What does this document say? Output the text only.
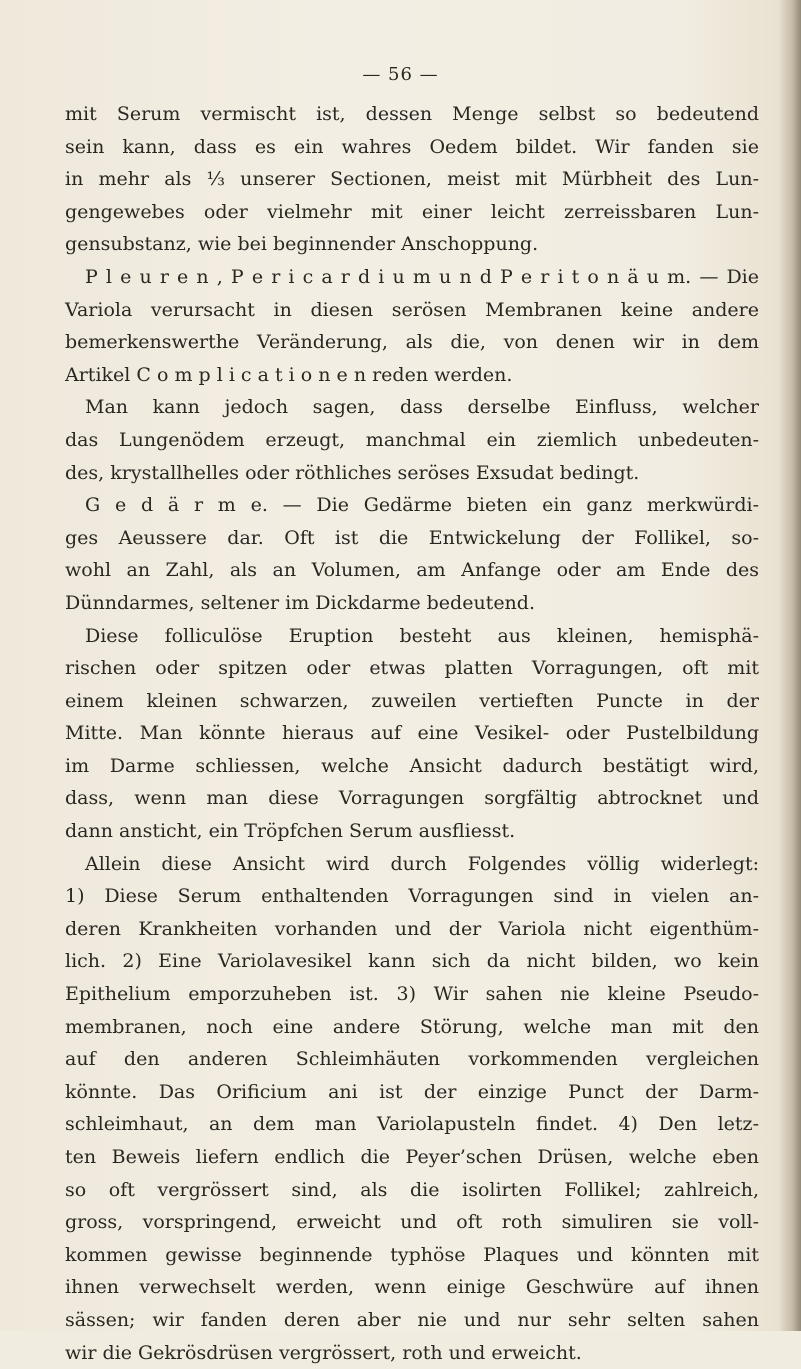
— 56 —
mit Serum vermischt ist, dessen Menge selbst so bedeutend
sein kann, dass es ein wahres Oedem bildet. Wir fanden sie
in mehr als ⅓ unserer Sectionen, meist mit Mürbheit des Lun-
gengewebes oder vielmehr mit einer leicht zerreissbaren Lun-
gensubstanz, wie bei beginnender Anschoppung.
P l e u r e n , P e r i c a r d i u m u n d P e r i t o n ä u m. — Die
Variola verursacht in diesen serösen Membranen keine andere
bemerkenswerthe Veränderung, als die, von denen wir in dem
Artikel C o m p l i c a t i o n e n reden werden.
Man kann jedoch sagen, dass derselbe Einfluss, welcher
das Lungenödem erzeugt, manchmal ein ziemlich unbedeuten-
des, krystallhelles oder röthliches seröses Exsudat bedingt.
G e d ä r m e. — Die Gedärme bieten ein ganz merkwürdi-
ges Aeussere dar. Oft ist die Entwickelung der Follikel, so-
wohl an Zahl, als an Volumen, am Anfange oder am Ende des
Dünndarmes, seltener im Dickdarme bedeutend.
Diese folliculöse Eruption besteht aus kleinen, hemisphä-
rischen oder spitzen oder etwas platten Vorragungen, oft mit
einem kleinen schwarzen, zuweilen vertieften Puncte in der
Mitte. Man könnte hieraus auf eine Vesikel- oder Pustelbildung
im Darme schliessen, welche Ansicht dadurch bestätigt wird,
dass, wenn man diese Vorragungen sorgfältig abtrocknet und
dann ansticht, ein Tröpfchen Serum ausfliesst.
Allein diese Ansicht wird durch Folgendes völlig widerlegt:
1) Diese Serum enthaltenden Vorragungen sind in vielen an-
deren Krankheiten vorhanden und der Variola nicht eigenthüm-
lich. 2) Eine Variolavesikel kann sich da nicht bilden, wo kein
Epithelium emporzuheben ist. 3) Wir sahen nie kleine Pseudo-
membranen, noch eine andere Störung, welche man mit den
auf den anderen Schleimhäuten vorkommenden vergleichen
könnte. Das Orificium ani ist der einzige Punct der Darm-
schleimhaut, an dem man Variolapusteln findet. 4) Den letz-
ten Beweis liefern endlich die Peyer’schen Drüsen, welche eben
so oft vergrössert sind, als die isolirten Follikel; zahlreich,
gross, vorspringend, erweicht und oft roth simuliren sie voll-
kommen gewisse beginnende typhöse Plaques und könnten mit
ihnen verwechselt werden, wenn einige Geschwüre auf ihnen
sässen; wir fanden deren aber nie und nur sehr selten sahen
wir die Gekrösdrüsen vergrössert, roth und erweicht.
